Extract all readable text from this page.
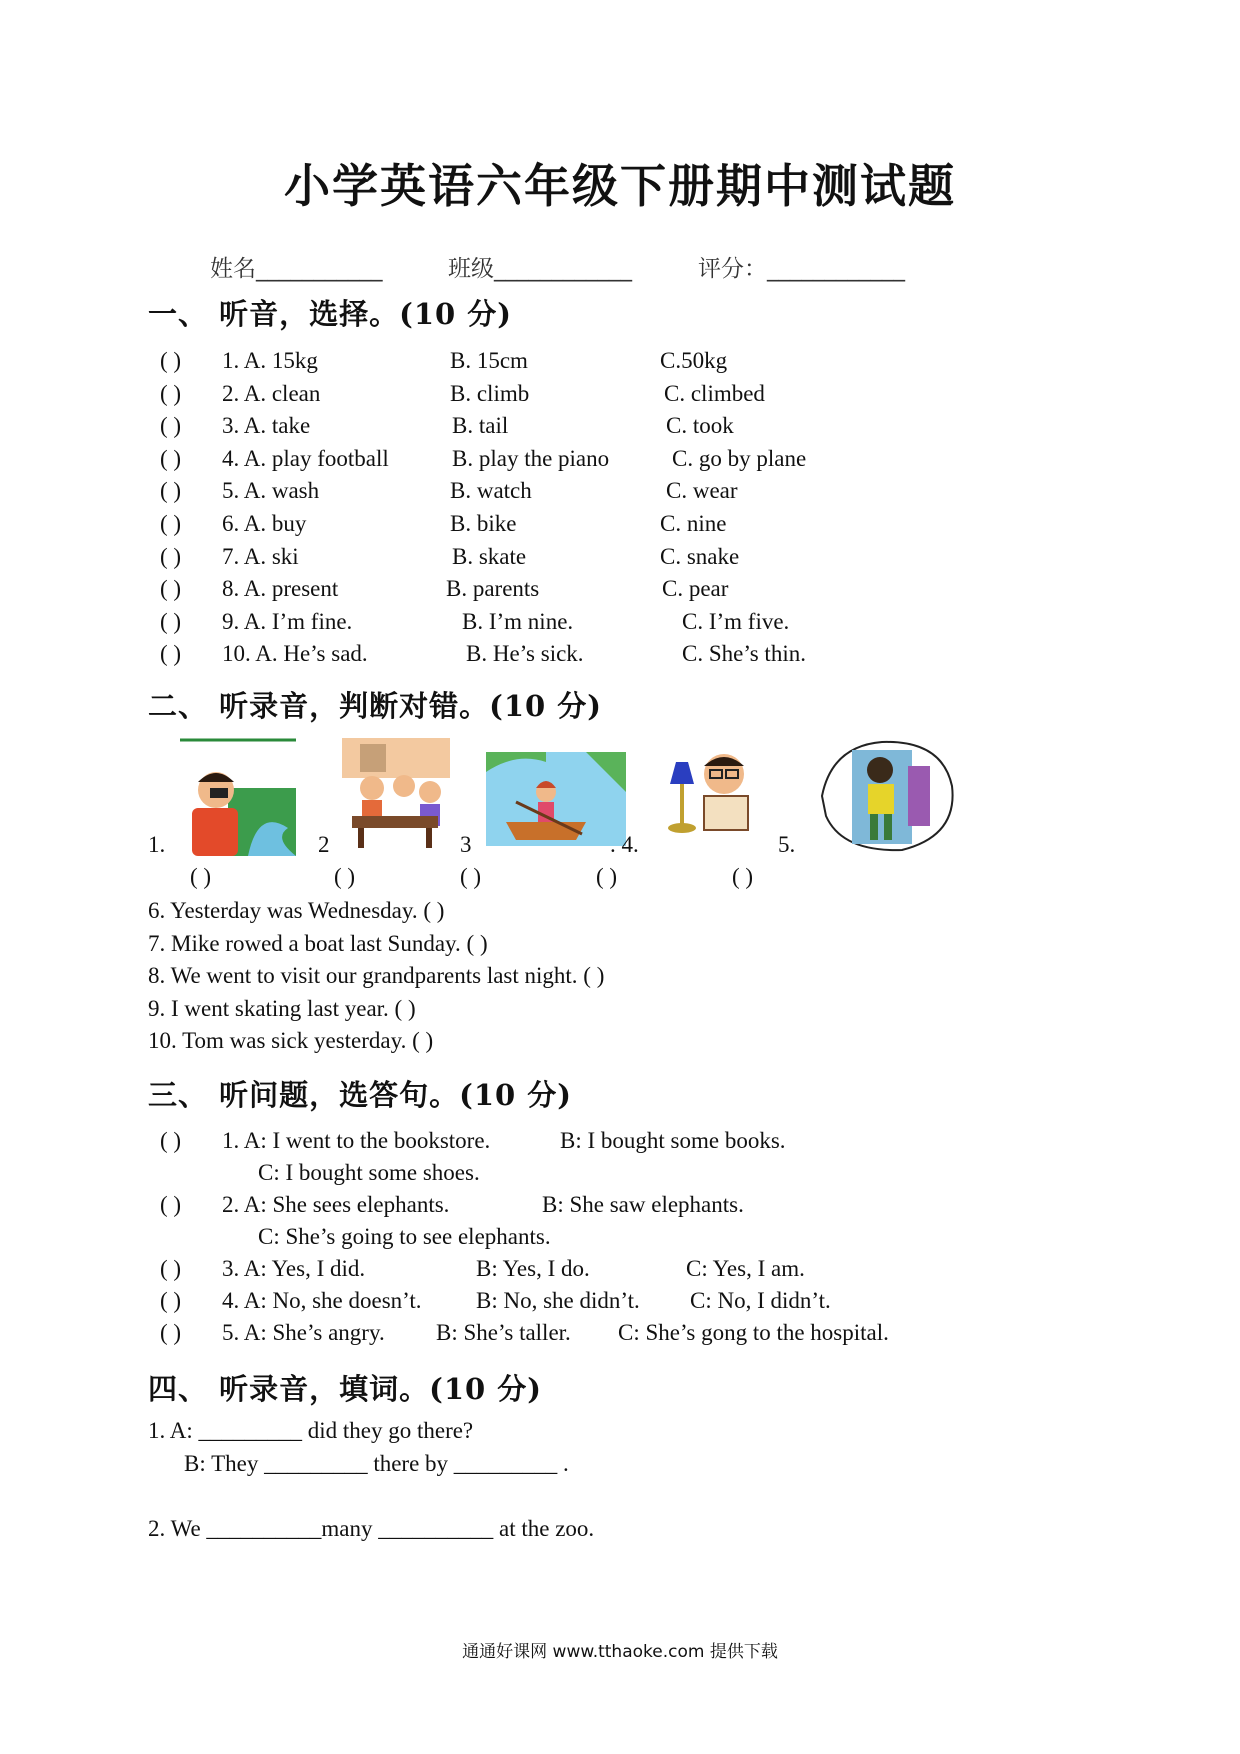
小学英语六年级下册期中测试题
姓名___________	班级____________	评分：____________
一、 听音，选择。(10 分)
( ) 1. A. 15kg	B. 15cm	C.50kg
( ) 2. A. clean	B. climb	C. climbed
( ) 3. A. take	B. tail	C. took
( ) 4. A. play football	B. play the piano	C. go by plane
( ) 5. A. wash	B. watch	C. wear
( ) 6. A. buy	B. bike	C. nine
( ) 7. A. ski	B. skate	C. snake
( ) 8. A. present	B. parents	C. pear
( ) 9. A. I’m fine.	B. I’m nine.	C. I’m five.
( ) 10. A. He’s sad.	B. He’s sick.	C. She’s thin.
二、 听录音，判断对错。(10 分)
1.	2	3	. 4.	5.
( )	( )	( )	( )	( )
6. Yesterday was Wednesday. ( )
7. Mike rowed a boat last Sunday. ( )
8. We went to visit our grandparents last night. ( )
9. I went skating last year. ( )
10. Tom was sick yesterday. ( )
三、 听问题，选答句。(10 分)
( ) 1. A: I went to the bookstore.	B: I bought some books.
C: I bought some shoes.
( ) 2. A: She sees elephants.	B: She saw elephants.
C: She’s going to see elephants.
( ) 3. A: Yes, I did.	B: Yes, I do.	C: Yes, I am.
( ) 4. A: No, she doesn’t. B: No, she didn’t. C: No, I didn’t.
( ) 5. A: She’s angry. B: She’s taller. C: She’s gong to the hospital.
四、 听录音，填词。(10 分)
1. A: _________ did they go there?
B: They _________ there by _________ .
2. We __________many __________ at the zoo.
通通好课网 www.tthaoke.com 提供下载
